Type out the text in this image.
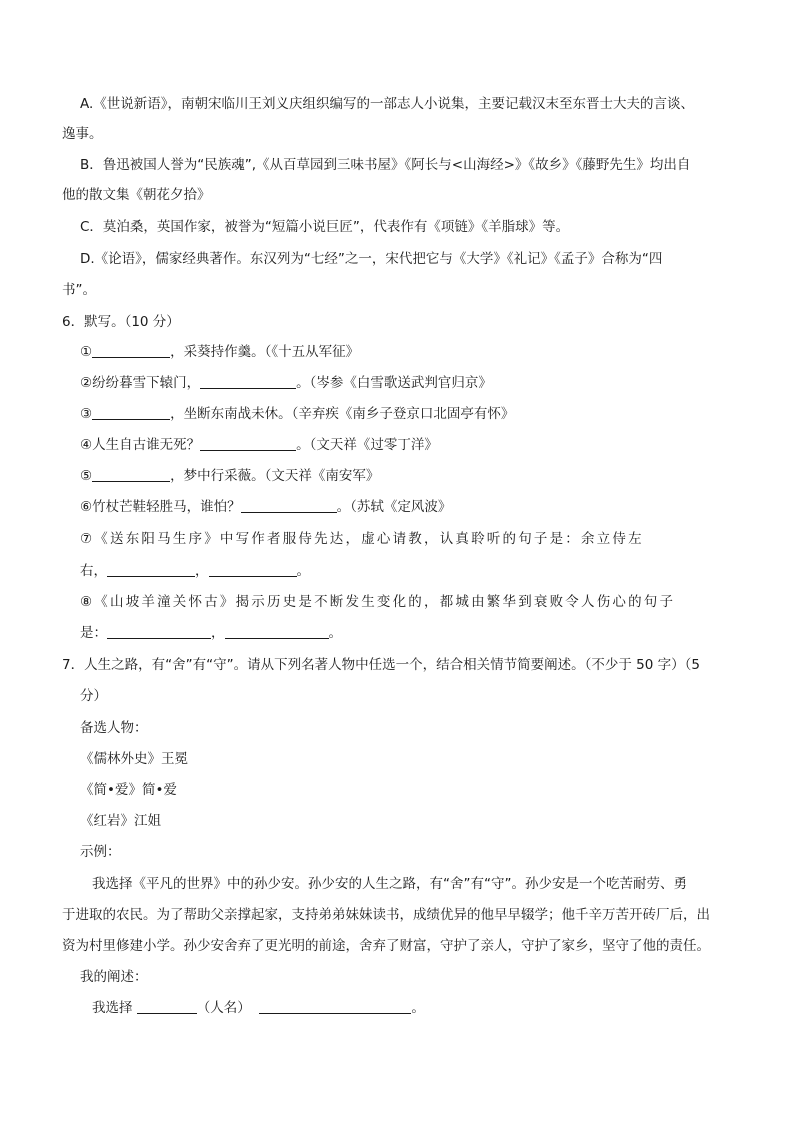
A.《世说新语》，南朝宋临川王刘义庆组织编写的一部志人小说集，主要记载汉末至东晋士大夫的言谈、
逸事。
B．鲁迅被国人誉为“民族魂”,《从百草园到三味书屋》《阿长与<山海经>》《故乡》《藤野先生》均出自
他的散文集《朝花夕拾》
C．莫泊桑，英国作家，被誉为“短篇小说巨匠”，代表作有《项链》《羊脂球》等。
D.《论语》，儒家经典著作。东汉列为“七经”之一，宋代把它与《大学》《礼记》《孟子》合称为“四
书”。
6．默写。（10 分）
①	，采葵持作羹。（《十五从军征》
②纷纷暮雪下辕门，	。（岑参《白雪歌送武判官归京》
③	，坐断东南战未休。（辛弃疾《南乡子登京口北固亭有怀》
④人生自古谁无死？	。（文天祥《过零丁洋》
⑤	，梦中行采薇。（文天祥《南安军》
⑥竹杖芒鞋轻胜马，谁怕？	。（苏轼《定风波》
⑦《送东阳马生序》中写作者服侍先达，虚心请教，认真聆听的句子是：余立侍左
右，	，	。
⑧《山坡羊潼关怀古》揭示历史是不断发生变化的，都城由繁华到衰败令人伤心的句子
是：	，	。
7．人生之路，有“舍”有“守”。请从下列名著人物中任选一个，结合相关情节简要阐述。（不少于 50 字）（5
分）
备选人物：
《儒林外史》王冕
《简•爱》简•爱
《红岩》江姐
示例：
我选择《平凡的世界》中的孙少安。孙少安的人生之路，有“舍”有“守”。孙少安是一个吃苦耐劳、勇
于进取的农民。为了帮助父亲撑起家，支持弟弟妹妹读书，成绩优异的他早早辍学；他千辛万苦开砖厂后，出
资为村里修建小学。孙少安舍弃了更光明的前途，舍弃了财富，守护了亲人，守护了家乡，坚守了他的责任。
我的阐述：
我选择	（人名）	。
